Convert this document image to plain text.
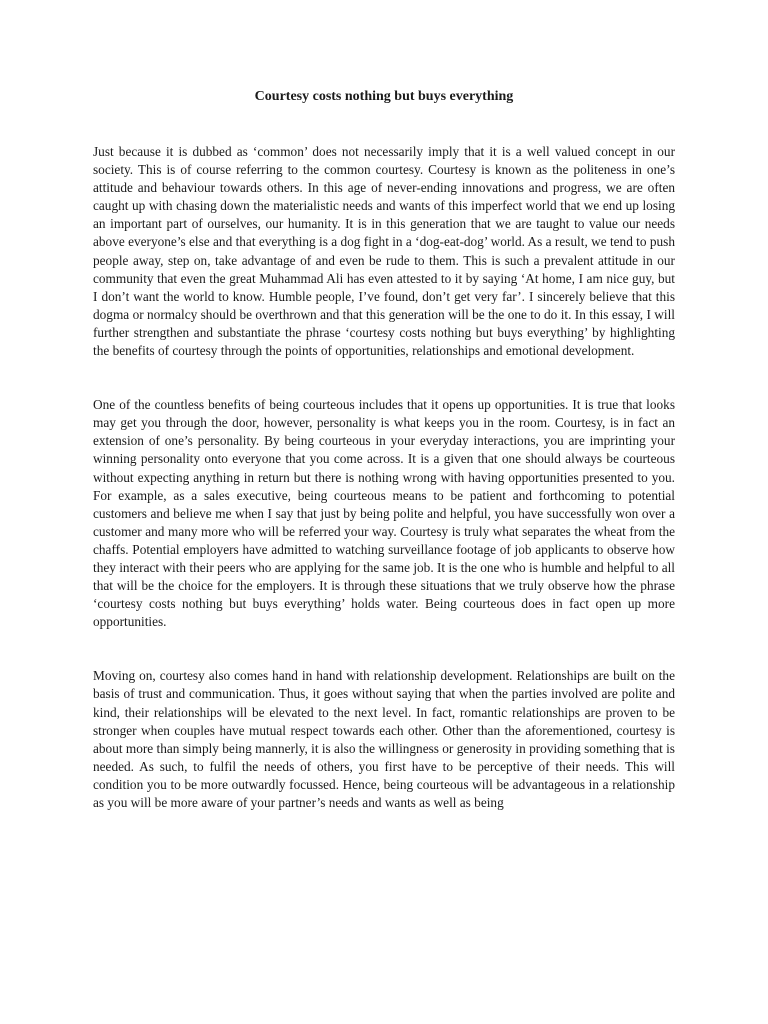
Courtesy costs nothing but buys everything

Just because it is dubbed as ‘common’ does not necessarily imply that it is a well valued concept in our society. This is of course referring to the common courtesy. Courtesy is known as the politeness in one’s attitude and behaviour towards others. In this age of never-ending innovations and progress, we are often caught up with chasing down the materialistic needs and wants of this imperfect world that we end up losing an important part of ourselves, our humanity. It is in this generation that we are taught to value our needs above everyone’s else and that everything is a dog fight in a ‘dog-eat-dog’ world. As a result, we tend to push people away, step on, take advantage of and even be rude to them. This is such a prevalent attitude in our community that even the great Muhammad Ali has even attested to it by saying ‘At home, I am nice guy, but I don’t want the world to know. Humble people, I’ve found, don’t get very far’. I sincerely believe that this dogma or normalcy should be overthrown and that this generation will be the one to do it. In this essay, I will further strengthen and substantiate the phrase ‘courtesy costs nothing but buys everything’ by highlighting the benefits of courtesy through the points of opportunities, relationships and emotional development.

One of the countless benefits of being courteous includes that it opens up opportunities. It is true that looks may get you through the door, however, personality is what keeps you in the room. Courtesy, is in fact an extension of one’s personality. By being courteous in your everyday interactions, you are imprinting your winning personality onto everyone that you come across. It is a given that one should always be courteous without expecting anything in return but there is nothing wrong with having opportunities presented to you. For example, as a sales executive, being courteous means to be patient and forthcoming to potential customers and believe me when I say that just by being polite and helpful, you have successfully won over a customer and many more who will be referred your way. Courtesy is truly what separates the wheat from the chaffs. Potential employers have admitted to watching surveillance footage of job applicants to observe how they interact with their peers who are applying for the same job. It is the one who is humble and helpful to all that will be the choice for the employers. It is through these situations that we truly observe how the phrase ‘courtesy costs nothing but buys everything’ holds water. Being courteous does in fact open up more opportunities.

Moving on, courtesy also comes hand in hand with relationship development. Relationships are built on the basis of trust and communication. Thus, it goes without saying that when the parties involved are polite and kind, their relationships will be elevated to the next level. In fact, romantic relationships are proven to be stronger when couples have mutual respect towards each other. Other than the aforementioned, courtesy is about more than simply being mannerly, it is also the willingness or generosity in providing something that is needed. As such, to fulfil the needs of others, you first have to be perceptive of their needs. This will condition you to be more outwardly focussed. Hence, being courteous will be advantageous in a relationship as you will be more aware of your partner’s needs and wants as well as being
